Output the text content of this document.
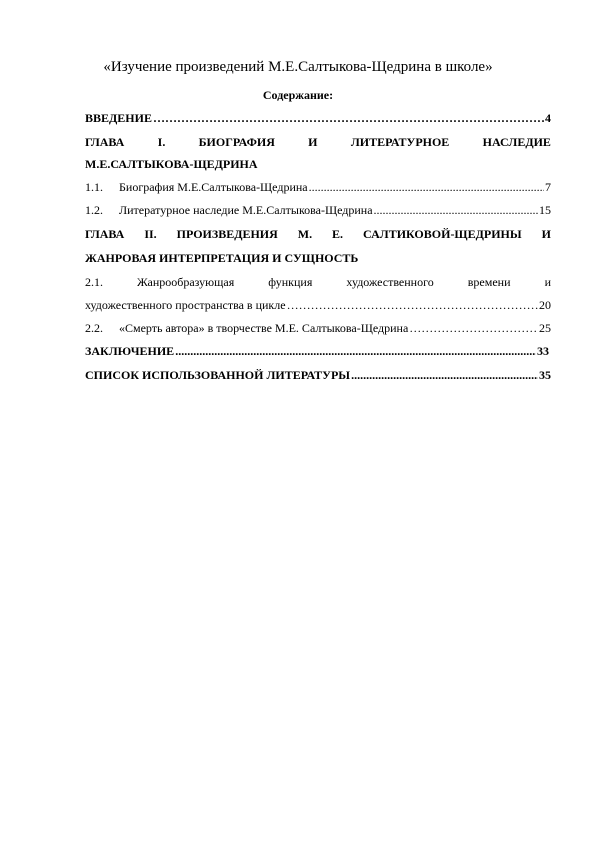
«Изучение произведений М.Е.Салтыкова-Щедрина в школе»
Содержание:
ВВЕДЕНИЕ …………………………………………………………………………………………………………………………………	4
ГЛАВА	I.	БИОГРАФИЯ	И	ЛИТЕРАТУРНОЕ	НАСЛЕДИЕ
М.Е.САЛТЫКОВА-ЩЕДРИНА
1.1.	Биография М.Е.Салтыкова-Щедрина .....	7
1.2.	Литературное наследие М.Е.Салтыкова-Щедрина .....	15
ГЛАВА II. ПРОИЗВЕДЕНИЯ М. Е. САЛТИКОВОЙ-ЩЕДРИНЫ И
ЖАНРОВАЯ ИНТЕРПРЕТАЦИЯ И СУЩНОСТЬ
2.1.	Жанрообразующая	функция	художественного	времени	и
художественного пространства в цикле …………………………………………………………………………………………………………………………………	20
2.2.	«Смерть автора» в творчестве М.Е. Салтыкова-Щедрина …………………………………………………………………………………………………………………………………	25
ЗАКЛЮЧЕНИЕ .....	33
СПИСОК ИСПОЛЬЗОВАННОЙ ЛИТЕРАТУРЫ .....	35
